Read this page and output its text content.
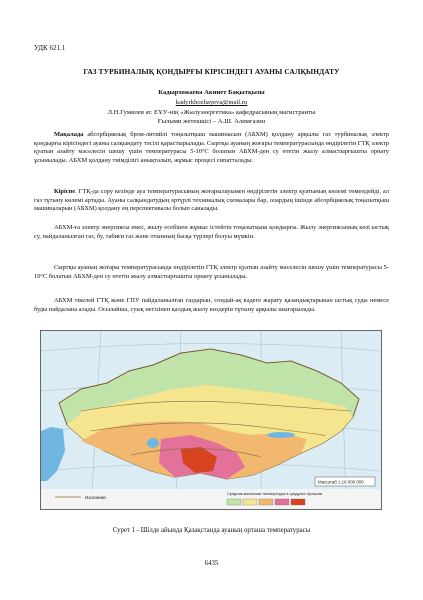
УДК 621.1
ГАЗ ТУРБИНАЛЫҚ ҚОНДЫРҒЫ КІРІСІНДЕГІ АУАНЫ САЛҚЫНДАТУ
Кадырхожаева Акниет Бақытқызы
kadyrkhozhayeva@mail.ru
Л.Н.Гумилев ат. ЕҰУ-нің «Жылуэнергетика» кафедрасының магистранты
Ғылыми жетекшісі – А.Ш. Алимгазин

Мақалада абсорбциялық бром-литийлі тоңазытқыш машинасын (АБХМ) қолдану арқылы газ турбиналық электр қондырғы кірісіндегі ауаны салқындату тәсілі қарастырылады. Сыртқы ауаның жоғары температурасында өндірілетін ГТҚ электр қуатын азайту мәселесін шешу үшін температурасы 5-10°С болатын АБХМ-ден су өтетін жылу алмастырғышты орнату ұсынылады. АБХМ қолдану тиімділігі анықталып, жұмыс процесі сипатталады.

Кіріспе. ГТҚ-да сору кезінде ауа температурасының жоғарылауымен өндірілетін электр қуатының көлемі төмендейді, ал газ тұтыну көлемі артады. Ауаны салқындатудың әртүрлі техникалық схемалары бар, олардың ішінде абсорбциялық тоңазытқыш машиналарын (АБХМ) қолдану ең перспективалы болып саналады.

АБХМ-ға электр энергиясы емес, жылу есебінен жұмыс істейтін тоңазытқыш қондырғы. Жылу энергиясының көзі ыстық су, пайдаланылған газ, бу, табиғи газ және отынның басқа түрлері болуы мүмкін.

Сыртқы ауаның жоғары температурасында өндірілетін ГТҚ электр қуатын азайту мәселесін шешу үшін температурасы 5-10°С болатын АБХМ-ден су өтетін жылу алмастырғышты орнату ұсынылады.

АБХМ тікелей ГТҚ және ГПУ пайдаланылған газдарын, сондай-ақ кәдеге жарату қазандықтарынан ыстық суды немесе буды пайдалана алады. Осылайша, суық негізінен қалдық жылу көздерін тұтыну арқылы шығарылады.

Масштаб 1:18 000 000
Изолинии
Средняя месячная температура в градусах Цельсия
Сурет 1 - Шілде айында Қазақстанда ауаның орташа температурасы
6435
